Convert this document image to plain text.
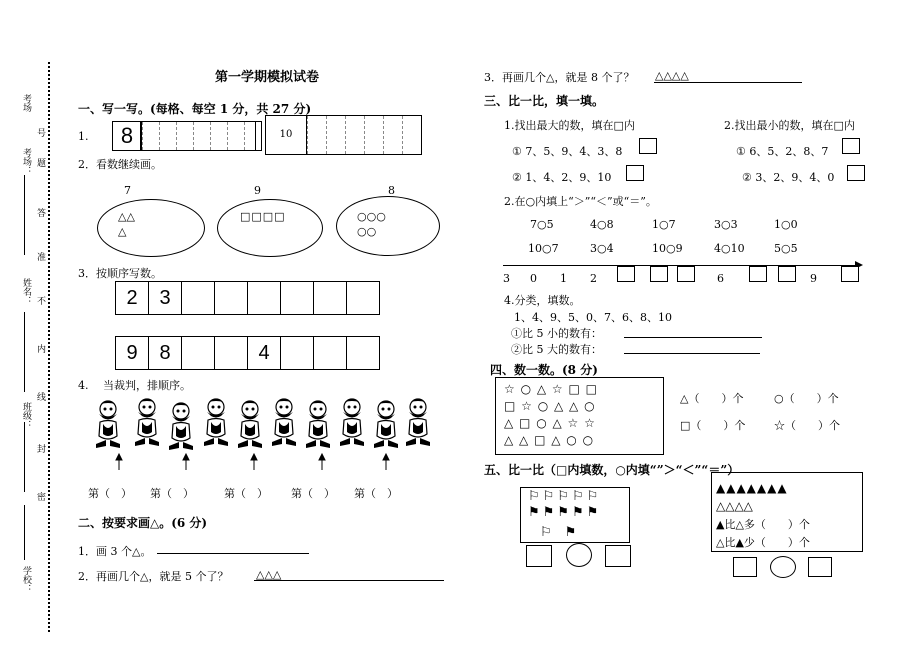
考场
号
考场： 题
答
准
姓名： 不
内
班级：
线
封
密
学校：
第一学期模拟试卷
一、写一写。(每格、每空 1 分，共 27 分)
1.	8	10
2．看数继续画。
7	9	8
△△
△
□□□□	○○○
○○
3．按顺序写数。
2	3
9	8	4
4.　 当裁判，排顺序。
第（　） 第（　）	第（　） 第（　） 第（　）
二、按要求画△。(6 分)
1．画 3 个△。
2．再画几个△，就是 5 个了？	△△△
3．再画几个△，就是 8 个了？ △△△△
三、比一比，填一填。
1.找出最大的数，填在□内	2.找出最小的数，填在□内
① 7、5、9、4、3、8
② 1、4、2、9、10
① 6、5、2、8、7
② 3、2、9、4、0
2.在○内填上“＞”“＜”或“＝”。
7○5	4○8	1○7	3○3	1○0
10○7	3○4	10○9	4○10	5○5
3 0 1 2	6	9
4.分类，填数。
1、4、9、5、0、7、6、8、10
①比 5 小的数有：
②比 5 大的数有：
四、数一数。(8 分)
☆ ○ △ ☆ □ □
□ ☆ ○ △ △ ○
△ □ ○ △ ☆ ☆
△ △ □ △ ○ ○
△（　　）个	○（　　）个
□（　　）个	☆（　　）个
五、比一比（□内填数，○内填“”＞“＜”“＝”）
⚐⚐⚐⚐⚐
⚑⚑⚑⚑⚑
⚐　⚑
▲▲▲▲▲▲▲
△△△△
▲比△多（　　）个
△比▲少（　　）个
